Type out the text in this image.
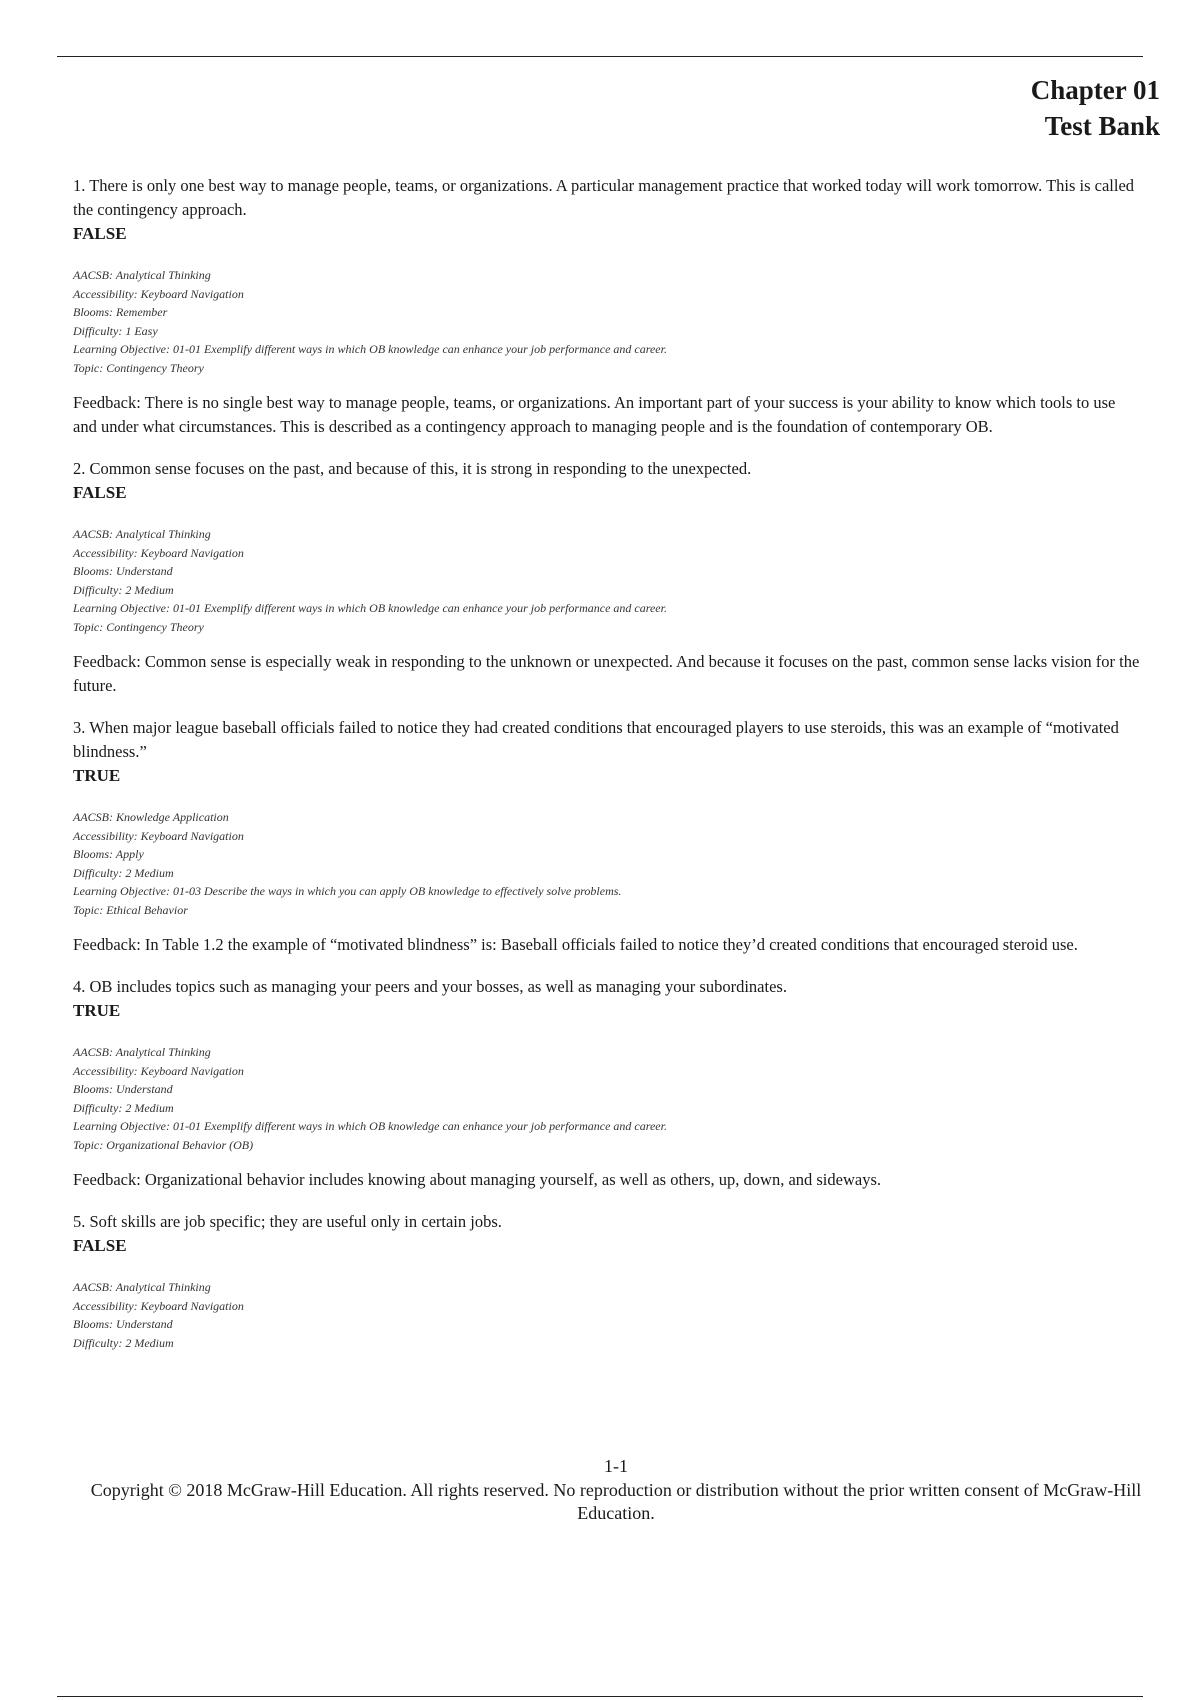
Chapter 01
Test Bank

1. There is only one best way to manage people, teams, or organizations. A particular management practice that worked today will work tomorrow. This is called the contingency approach.

FALSE

AACSB: Analytical Thinking
Accessibility: Keyboard Navigation
Blooms: Remember
Difficulty: 1 Easy
Learning Objective: 01-01 Exemplify different ways in which OB knowledge can enhance your job performance and career.
Topic: Contingency Theory

Feedback: There is no single best way to manage people, teams, or organizations. An important part of your success is your ability to know which tools to use and under what circumstances. This is described as a contingency approach to managing people and is the foundation of contemporary OB.

2. Common sense focuses on the past, and because of this, it is strong in responding to the unexpected.

FALSE

AACSB: Analytical Thinking
Accessibility: Keyboard Navigation
Blooms: Understand
Difficulty: 2 Medium
Learning Objective: 01-01 Exemplify different ways in which OB knowledge can enhance your job performance and career.
Topic: Contingency Theory

Feedback: Common sense is especially weak in responding to the unknown or unexpected. And because it focuses on the past, common sense lacks vision for the future.

3. When major league baseball officials failed to notice they had created conditions that encouraged players to use steroids, this was an example of “motivated blindness.”

TRUE

AACSB: Knowledge Application
Accessibility: Keyboard Navigation
Blooms: Apply
Difficulty: 2 Medium
Learning Objective: 01-03 Describe the ways in which you can apply OB knowledge to effectively solve problems.
Topic: Ethical Behavior

Feedback: In Table 1.2 the example of “motivated blindness” is: Baseball officials failed to notice they’d created conditions that encouraged steroid use.

4. OB includes topics such as managing your peers and your bosses, as well as managing your subordinates.

TRUE

AACSB: Analytical Thinking
Accessibility: Keyboard Navigation
Blooms: Understand
Difficulty: 2 Medium
Learning Objective: 01-01 Exemplify different ways in which OB knowledge can enhance your job performance and career.
Topic: Organizational Behavior (OB)

Feedback: Organizational behavior includes knowing about managing yourself, as well as others, up, down, and sideways.

5. Soft skills are job specific; they are useful only in certain jobs.

FALSE

AACSB: Analytical Thinking
Accessibility: Keyboard Navigation
Blooms: Understand
Difficulty: 2 Medium
1-1
Copyright © 2018 McGraw-Hill Education. All rights reserved. No reproduction or distribution without the prior written consent of McGraw-Hill Education.
